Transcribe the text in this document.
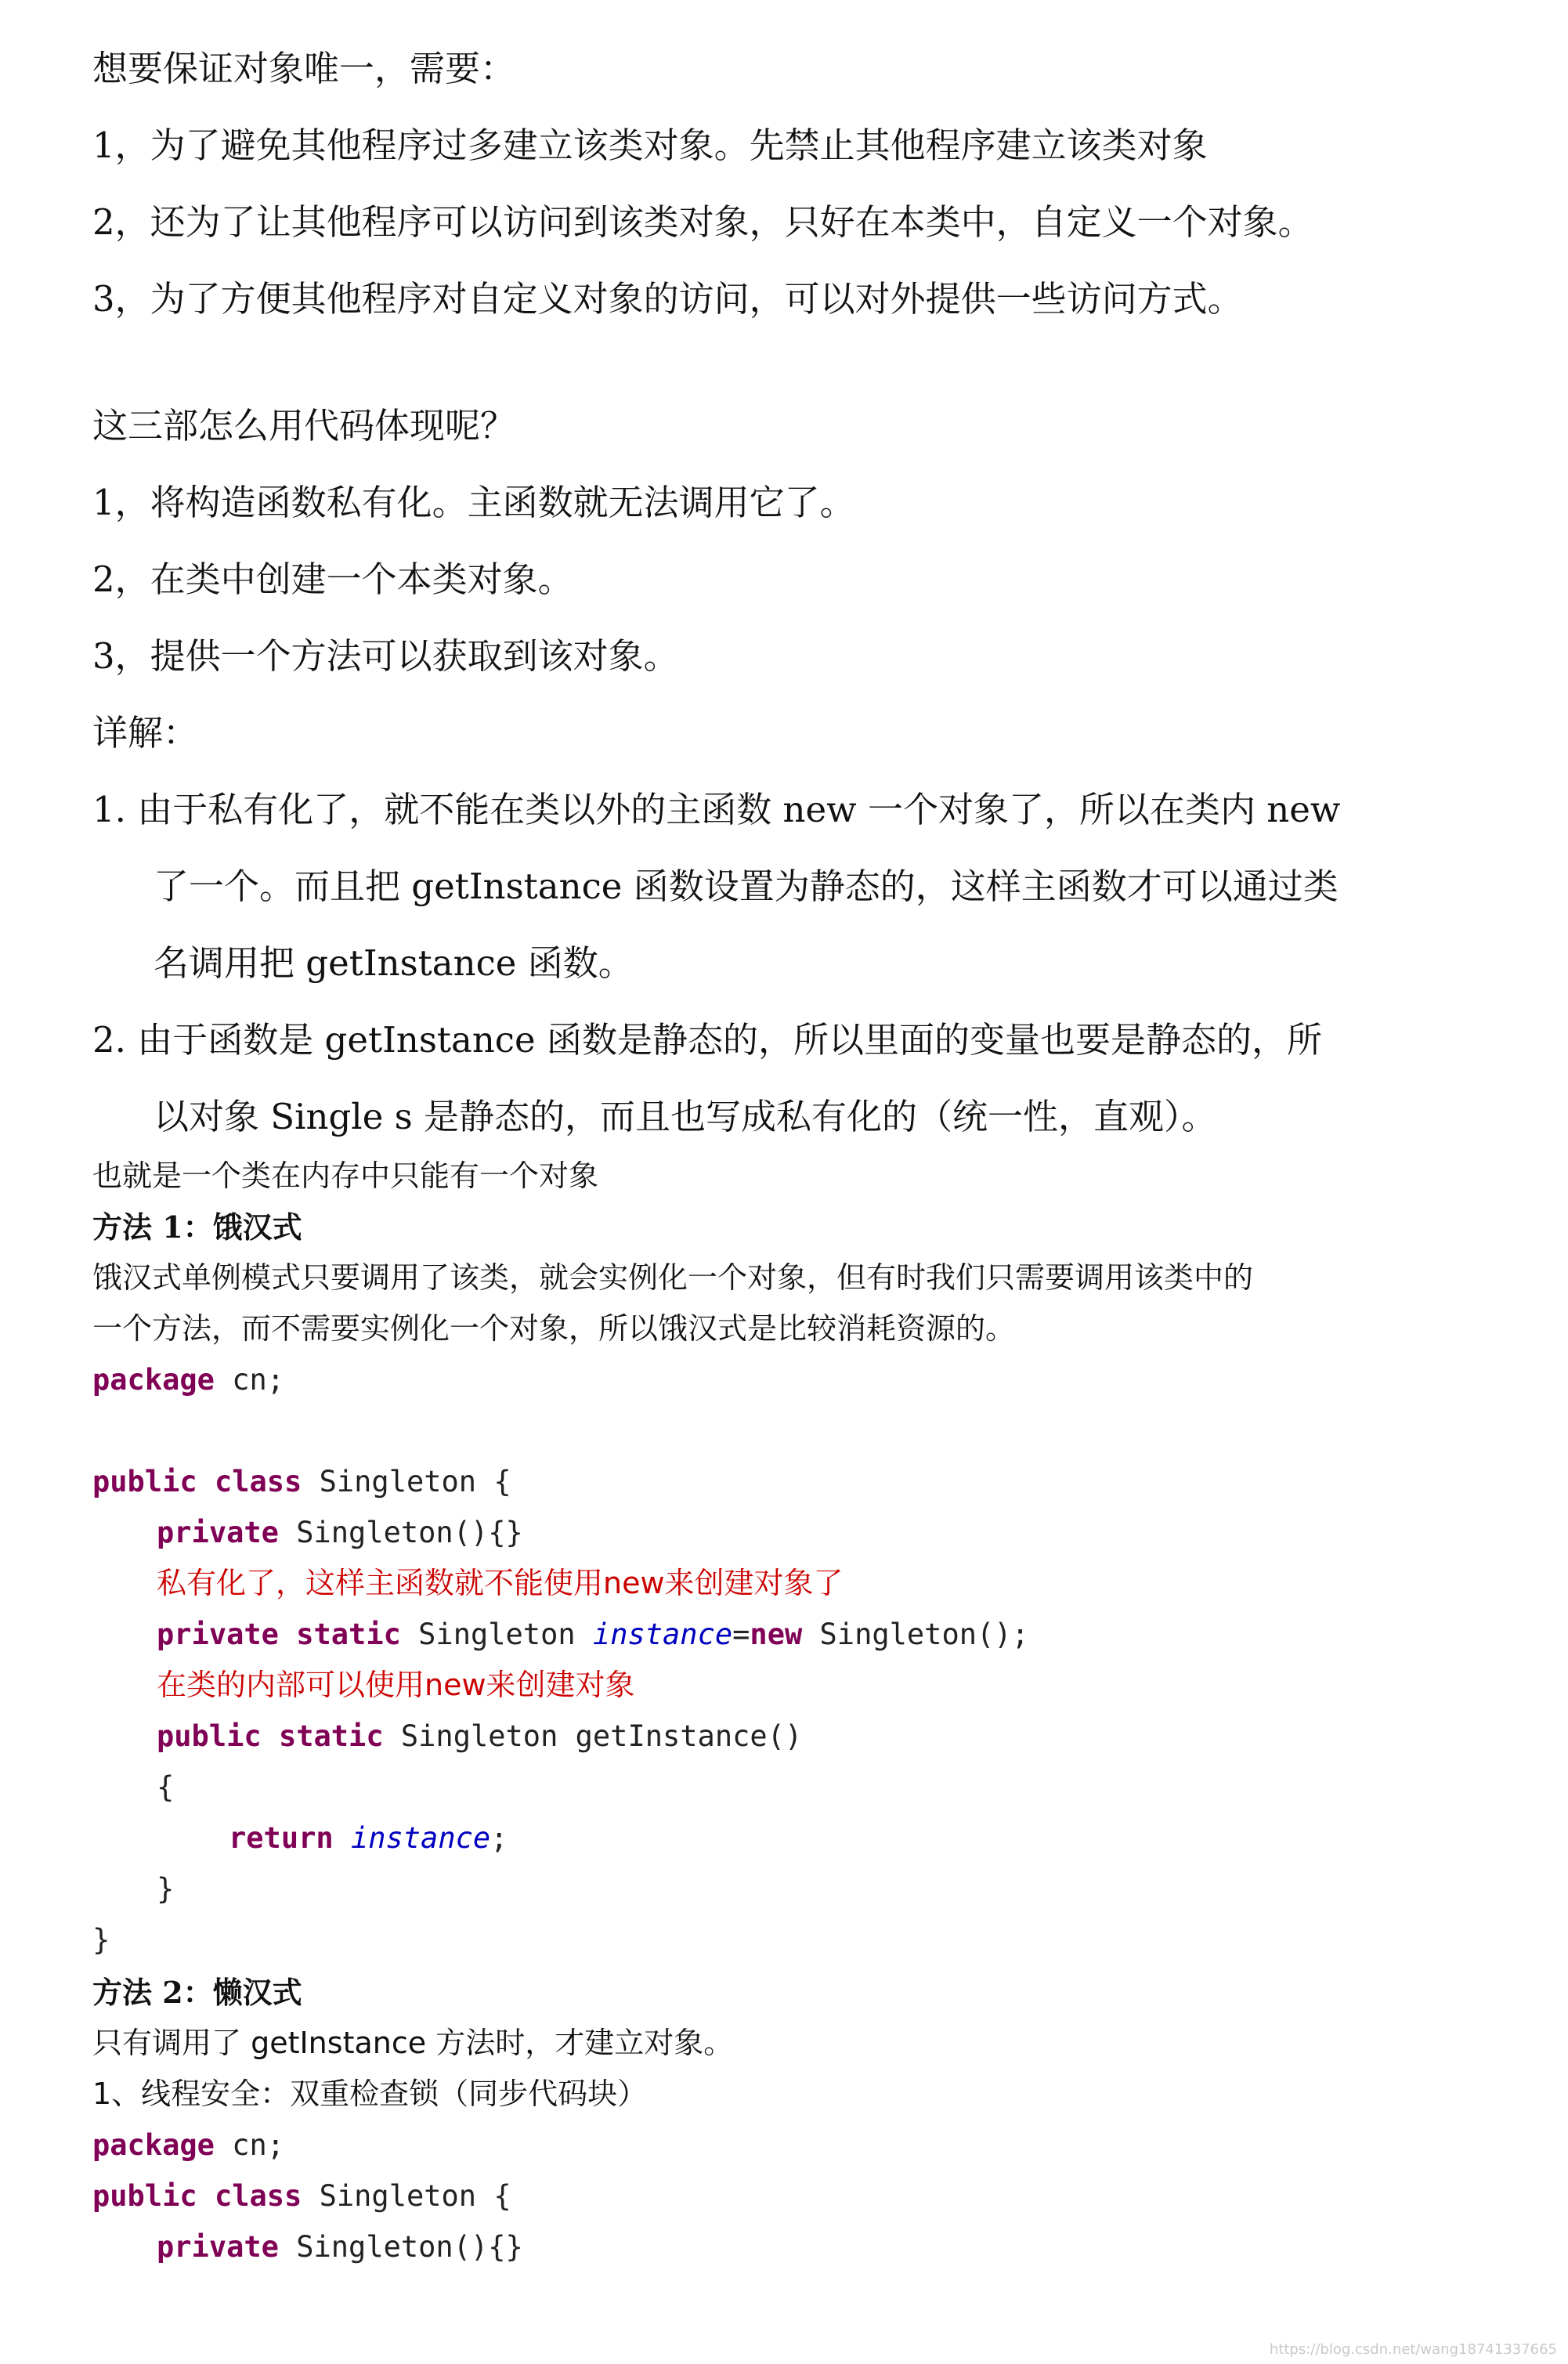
想要保证对象唯一，需要：
1，为了避免其他程序过多建立该类对象。先禁止其他程序建立该类对象
2，还为了让其他程序可以访问到该类对象，只好在本类中，自定义一个对象。
3，为了方便其他程序对自定义对象的访问，可以对外提供一些访问方式。
这三部怎么用代码体现呢？
1，将构造函数私有化。主函数就无法调用它了。
2，在类中创建一个本类对象。
3，提供一个方法可以获取到该对象。
详解：
1. 由于私有化了，就不能在类以外的主函数 new 一个对象了，所以在类内 new
了一个。而且把 getInstance 函数设置为静态的，这样主函数才可以通过类
名调用把 getInstance 函数。
2. 由于函数是 getInstance 函数是静态的，所以里面的变量也要是静态的，所
以对象 Single s 是静态的，而且也写成私有化的（统一性，直观）。
也就是一个类在内存中只能有一个对象
方法 1：饿汉式
饿汉式单例模式只要调用了该类，就会实例化一个对象，但有时我们只需要调用该类中的
一个方法，而不需要实例化一个对象，所以饿汉式是比较消耗资源的。
package cn;
public class Singleton {
private Singleton(){}
私有化了，这样主函数就不能使用new来创建对象了
private static Singleton instance=new Singleton();
在类的内部可以使用new来创建对象
public static Singleton getInstance()
{
return instance;
}
}
方法 2：懒汉式
只有调用了 getInstance 方法时，才建立对象。
1、线程安全：双重检查锁（同步代码块）
package cn;
public class Singleton {
private Singleton(){}
https://blog.csdn.net/wang18741337665
